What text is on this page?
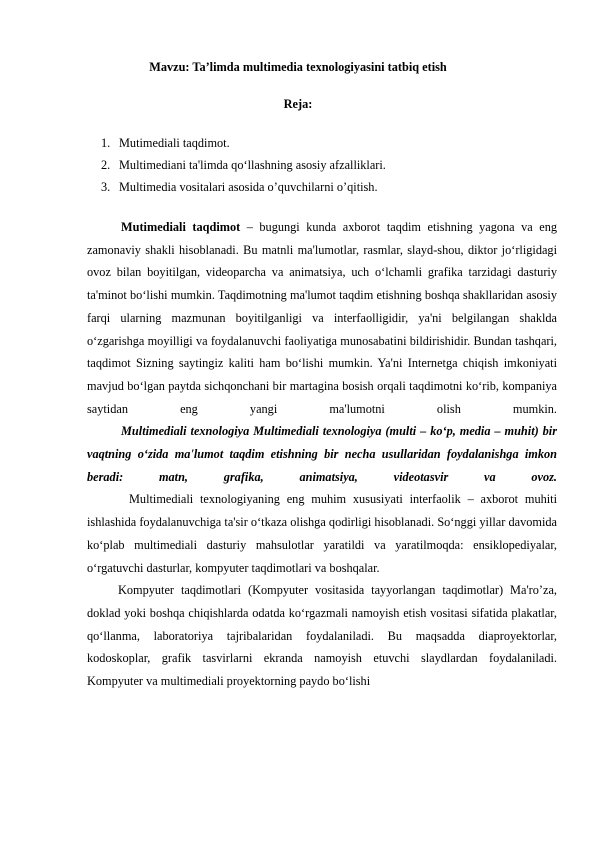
Mavzu: Ta’limda multimedia texnologiyasini tatbiq etish
Reja:
1. Mutimediali taqdimot.
2. Multimediani ta'limda qo‘llashning asosiy afzalliklari.
3. Multimedia vositalari asosida o’quvchilarni o’qitish.

Mutimediali taqdimot – bugungi kunda axborot taqdim etishning yagona va eng zamonaviy shakli hisoblanadi. Bu matnli ma'lumotlar, rasmlar, slayd-shou, diktor jo‘rligidagi ovoz bilan boyitilgan, videoparcha va animatsiya, uch o‘lchamli grafika tarzidagi dasturiy ta'minot bo‘lishi mumkin. Taqdimotning ma'lumot taqdim etishning boshqa shakllaridan asosiy farqi ularning mazmunan boyitilganligi va interfaolligidir, ya'ni belgilangan shaklda o‘zgarishga moyilligi va foydalanuvchi faoliyatiga munosabatini bildirishidir. Bundan tashqari, taqdimot Sizning saytingiz kaliti ham bo‘lishi mumkin. Ya'ni Internetga chiqish imkoniyati mavjud bo‘lgan paytda sichqonchani bir martagina bosish orqali taqdimotni ko‘rib, kompaniya saytidan eng yangi ma'lumotni olish mumkin.

Multimediali texnologiya Multimediali texnologiya (multi – ko‘p, media – muhit) bir vaqtning o‘zida ma'lumot taqdim etishning bir necha usullaridan foydalanishga imkon beradi: matn, grafika, animatsiya, videotasvir va ovoz.

Multimediali texnologiyaning eng muhim xususiyati interfaolik – axborot muhiti ishlashida foydalanuvchiga ta'sir o‘tkaza olishga qodirligi hisoblanadi. So‘nggi yillar davomida ko‘plab multimediali dasturiy mahsulotlar yaratildi va yaratilmoqda: ensiklopediyalar, o‘rgatuvchi dasturlar, kompyuter taqdimotlari va boshqalar.

Kompyuter taqdimotlari (Kompyuter vositasida tayyorlangan taqdimotlar) Ma'ro’za, doklad yoki boshqa chiqishlarda odatda ko‘rgazmali namoyish etish vositasi sifatida plakatlar, qo‘llanma, laboratoriya tajribalaridan foydalaniladi. Bu maqsadda diaproyektorlar, kodoskoplar, grafik tasvirlarni ekranda namoyish etuvchi slaydlardan foydalaniladi. Kompyuter va multimediali proyektorning paydo bo‘lishi
